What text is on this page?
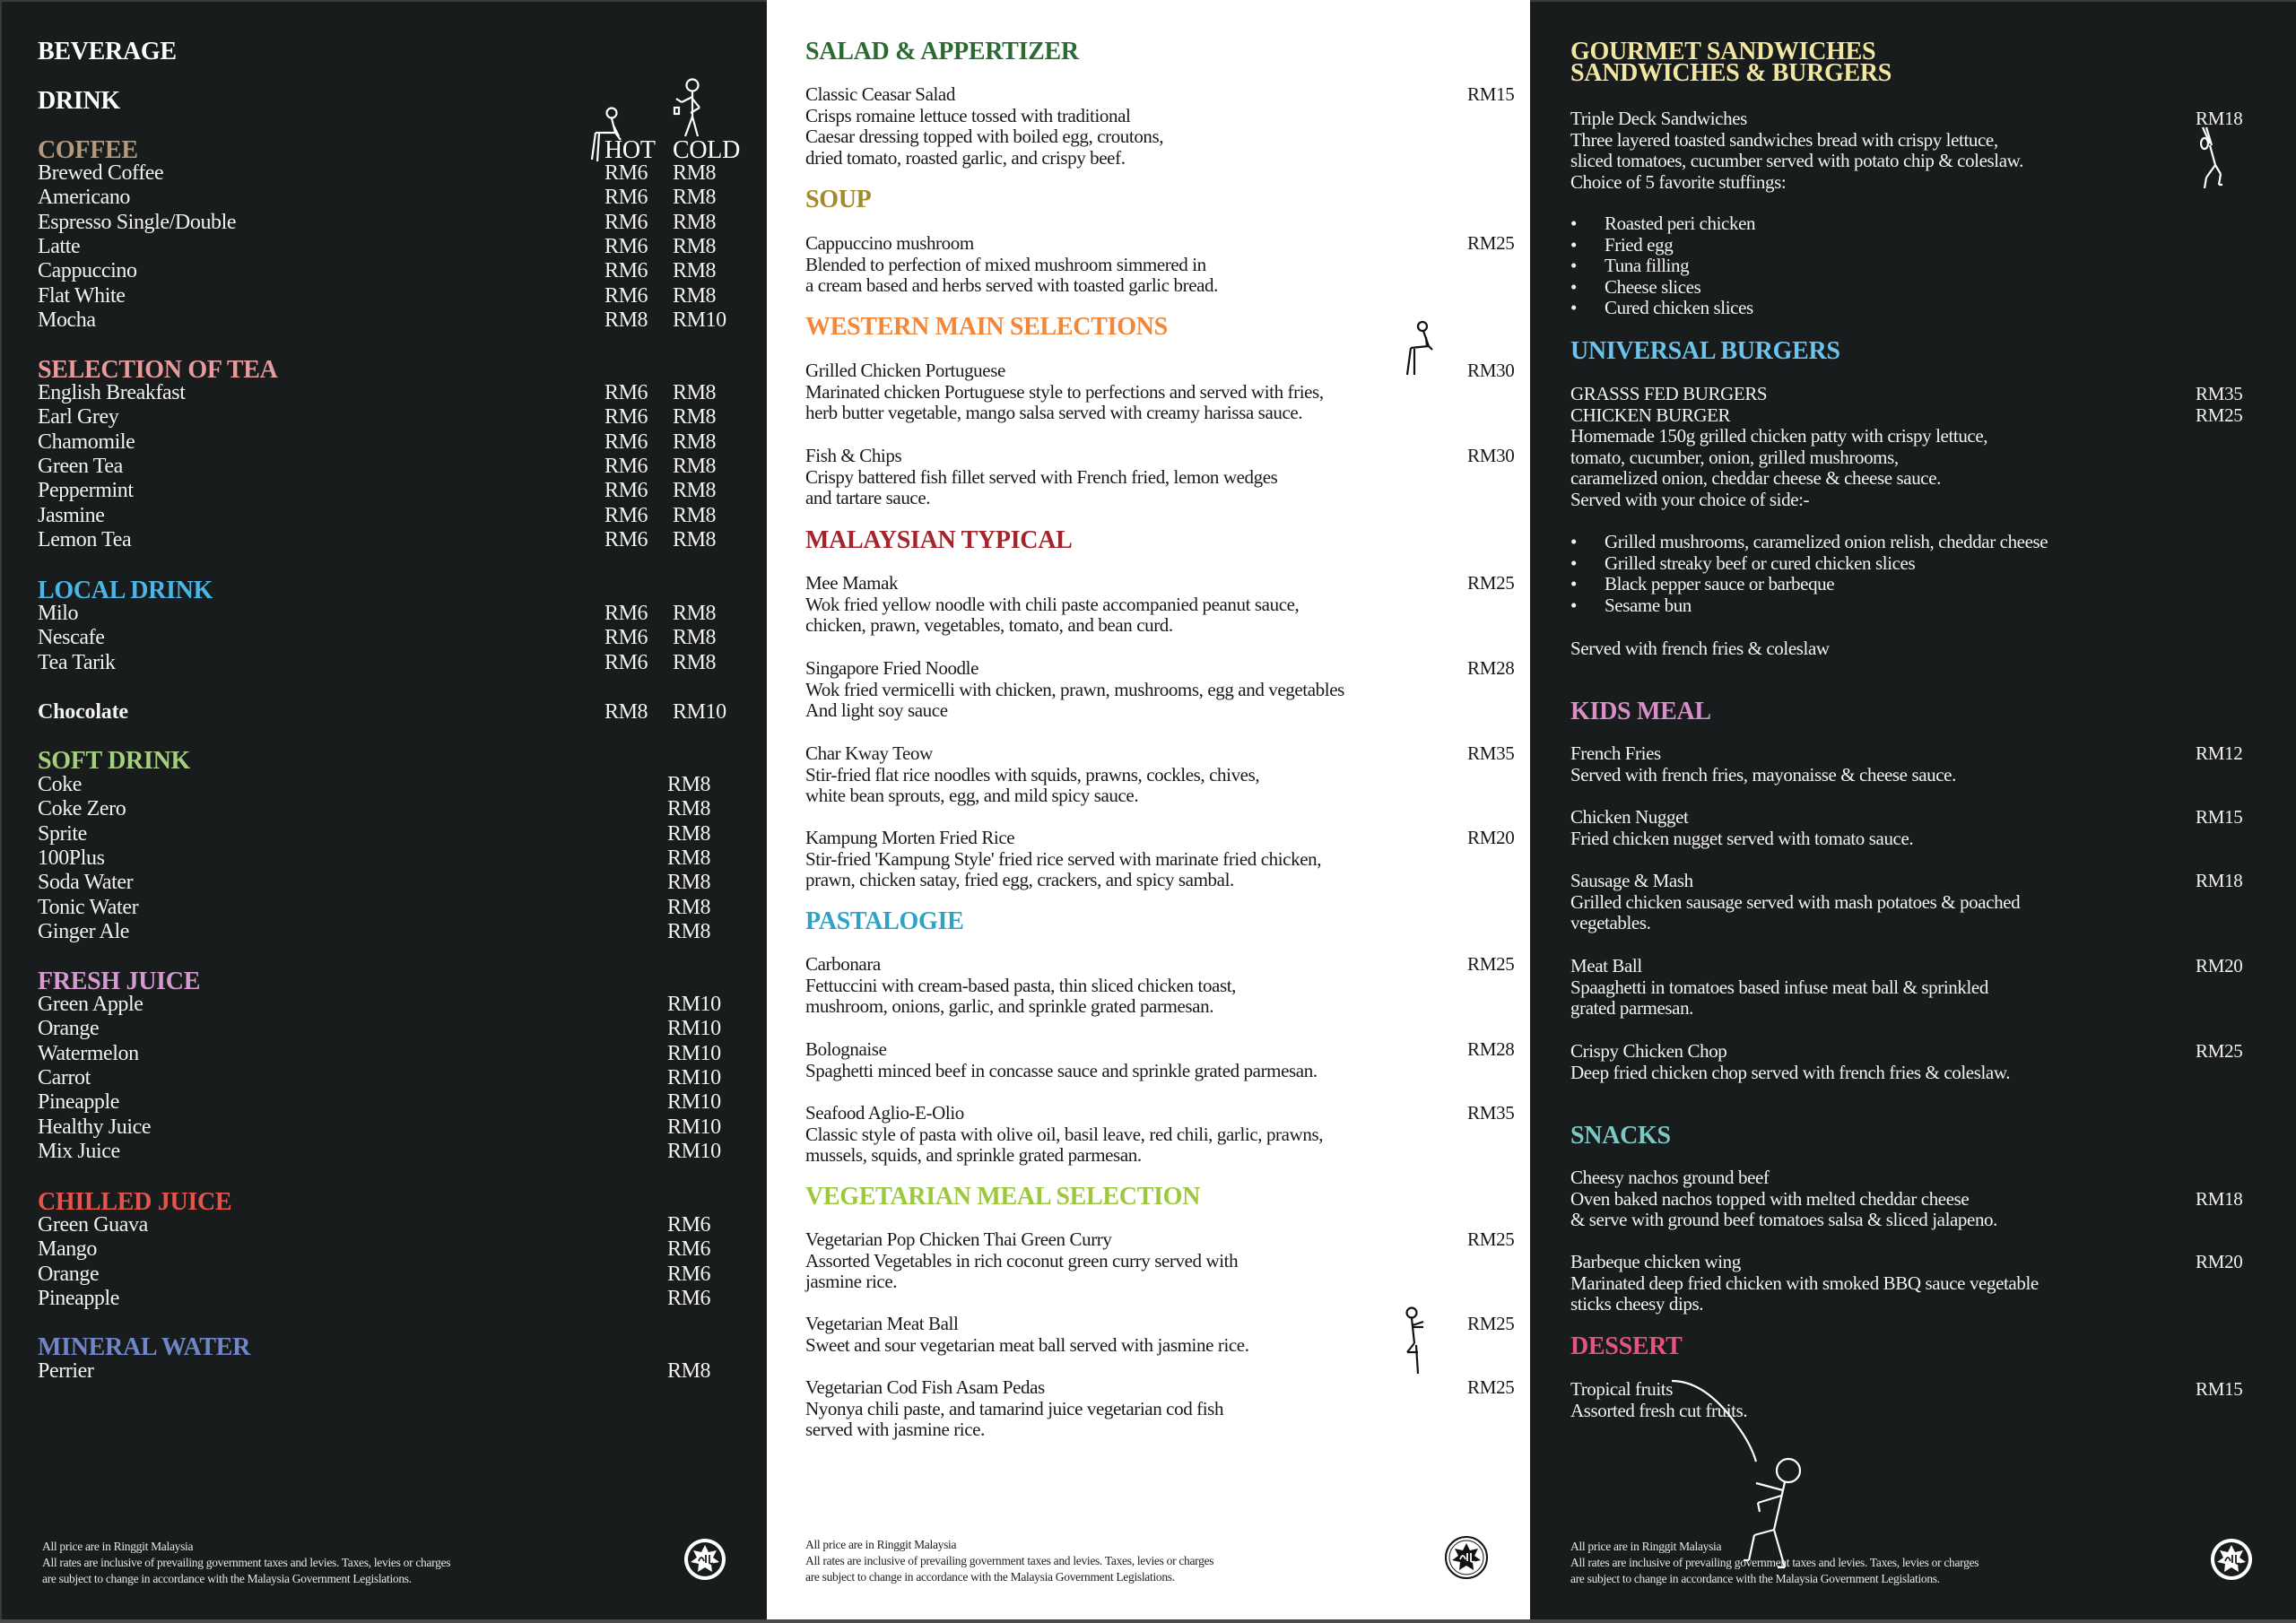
BEVERAGE
DRINK
COFFEE	HOT COLD
Brewed Coffee	RM6 RM8
Americano	RM6 RM8
Espresso Single/Double	RM6 RM8
Latte	RM6 RM8
Cappuccino	RM6 RM8
Flat White	RM6 RM8
Mocha	RM8 RM10
SELECTION OF TEA
English Breakfast	RM6 RM8
Earl Grey	RM6 RM8
Chamomile	RM6 RM8
Green Tea	RM6 RM8
Peppermint	RM6 RM8
Jasmine	RM6 RM8
Lemon Tea	RM6 RM8
LOCAL DRINK
Milo	RM6 RM8
Nescafe	RM6 RM8
Tea Tarik	RM6 RM8
Chocolate	RM8 RM10
SOFT DRINK
Coke	RM8
Coke Zero	RM8
Sprite	RM8
100Plus	RM8
Soda Water	RM8
Tonic Water	RM8
Ginger Ale	RM8
FRESH JUICE
Green Apple	RM10
Orange	RM10
Watermelon	RM10
Carrot	RM10
Pineapple	RM10
Healthy Juice	RM10
Mix Juice	RM10
CHILLED JUICE
Green Guava	RM6
Mango	RM6
Orange	RM6
Pineapple	RM6
MINERAL WATER
Perrier	RM8
All price are in Ringgit Malaysia
All rates are inclusive of prevailing government taxes and levies. Taxes, levies or charges
are subject to change in accordance with the Malaysia Government Legislations.
SALAD & APPERTIZER
Classic Ceasar Salad
Crisps romaine lettuce tossed with traditional
Caesar dressing topped with boiled egg, croutons,
dried tomato, roasted garlic, and crispy beef.
RM15
SOUP
Cappuccino mushroom
Blended to perfection of mixed mushroom simmered in
a cream based and herbs served with toasted garlic bread.
RM25
WESTERN MAIN SELECTIONS
Grilled Chicken Portuguese
Marinated chicken Portuguese style to perfections and served with fries,
herb butter vegetable, mango salsa served with creamy harissa sauce.
RM30
Fish & Chips
Crispy battered fish fillet served with French fried, lemon wedges
and tartare sauce.
RM30
MALAYSIAN TYPICAL
Mee Mamak
Wok fried yellow noodle with chili paste accompanied peanut sauce,
chicken, prawn, vegetables, tomato, and bean curd.
RM25
Singapore Fried Noodle
Wok fried vermicelli with chicken, prawn, mushrooms, egg and vegetables
And light soy sauce
RM28
Char Kway Teow
Stir-fried flat rice noodles with squids, prawns, cockles, chives,
white bean sprouts, egg, and mild spicy sauce.
RM35
Kampung Morten Fried Rice
Stir-fried 'Kampung Style' fried rice served with marinate fried chicken,
prawn, chicken satay, fried egg, crackers, and spicy sambal.
RM20
PASTALOGIE
Carbonara
Fettuccini with cream-based pasta, thin sliced chicken toast,
mushroom, onions, garlic, and sprinkle grated parmesan.
RM25
Bolognaise
Spaghetti minced beef in concasse sauce and sprinkle grated parmesan.
RM28
Seafood Aglio-E-Olio
Classic style of pasta with olive oil, basil leave, red chili, garlic, prawns,
mussels, squids, and sprinkle grated parmesan.
RM35
VEGETARIAN MEAL SELECTION
Vegetarian Pop Chicken Thai Green Curry
Assorted Vegetables in rich coconut green curry served with
jasmine rice.
RM25
Vegetarian Meat Ball
Sweet and sour vegetarian meat ball served with jasmine rice.
RM25
Vegetarian Cod Fish Asam Pedas
Nyonya chili paste, and tamarind juice vegetarian cod fish
served with jasmine rice.
RM25
All price are in Ringgit Malaysia
All rates are inclusive of prevailing government taxes and levies. Taxes, levies or charges
are subject to change in accordance with the Malaysia Government Legislations.
GOURMET SANDWICHES
SANDWICHES & BURGERS
Triple Deck Sandwiches
Three layered toasted sandwiches bread with crispy lettuce,
sliced tomatoes, cucumber served with potato chip & coleslaw.
Choice of 5 favorite stuffings:
RM18
• Roasted peri chicken
• Fried egg
• Tuna filling
• Cheese slices
• Cured chicken slices
UNIVERSAL BURGERS
GRASSS FED BURGERS	RM35
CHICKEN BURGER	RM25
Homemade 150g grilled chicken patty with crispy lettuce,
tomato, cucumber, onion, grilled mushrooms,
caramelized onion, cheddar cheese & cheese sauce.
Served with your choice of side:-
• Grilled mushrooms, caramelized onion relish, cheddar cheese
• Grilled streaky beef or cured chicken slices
• Black pepper sauce or barbeque
• Sesame bun
Served with french fries & coleslaw
KIDS MEAL
French Fries
Served with french fries, mayonaisse & cheese sauce.
RM12
Chicken Nugget
Fried chicken nugget served with tomato sauce.
RM15
Sausage & Mash
Grilled chicken sausage served with mash potatoes & poached
vegetables.
RM18
Meat Ball
Spaaghetti in tomatoes based infuse meat ball & sprinkled
grated parmesan.
RM20
Crispy Chicken Chop
Deep fried chicken chop served with french fries & coleslaw.
RM25
SNACKS
Cheesy nachos ground beef
Oven baked nachos topped with melted cheddar cheese
& serve with ground beef tomatoes salsa & sliced jalapeno.
RM18
Barbeque chicken wing
Marinated deep fried chicken with smoked BBQ sauce vegetable
sticks cheesy dips.
RM20
DESSERT
Tropical fruits
Assorted fresh cut fruits.
RM15
All price are in Ringgit Malaysia
All rates are inclusive of prevailing government taxes and levies. Taxes, levies or charges
are subject to change in accordance with the Malaysia Government Legislations.
